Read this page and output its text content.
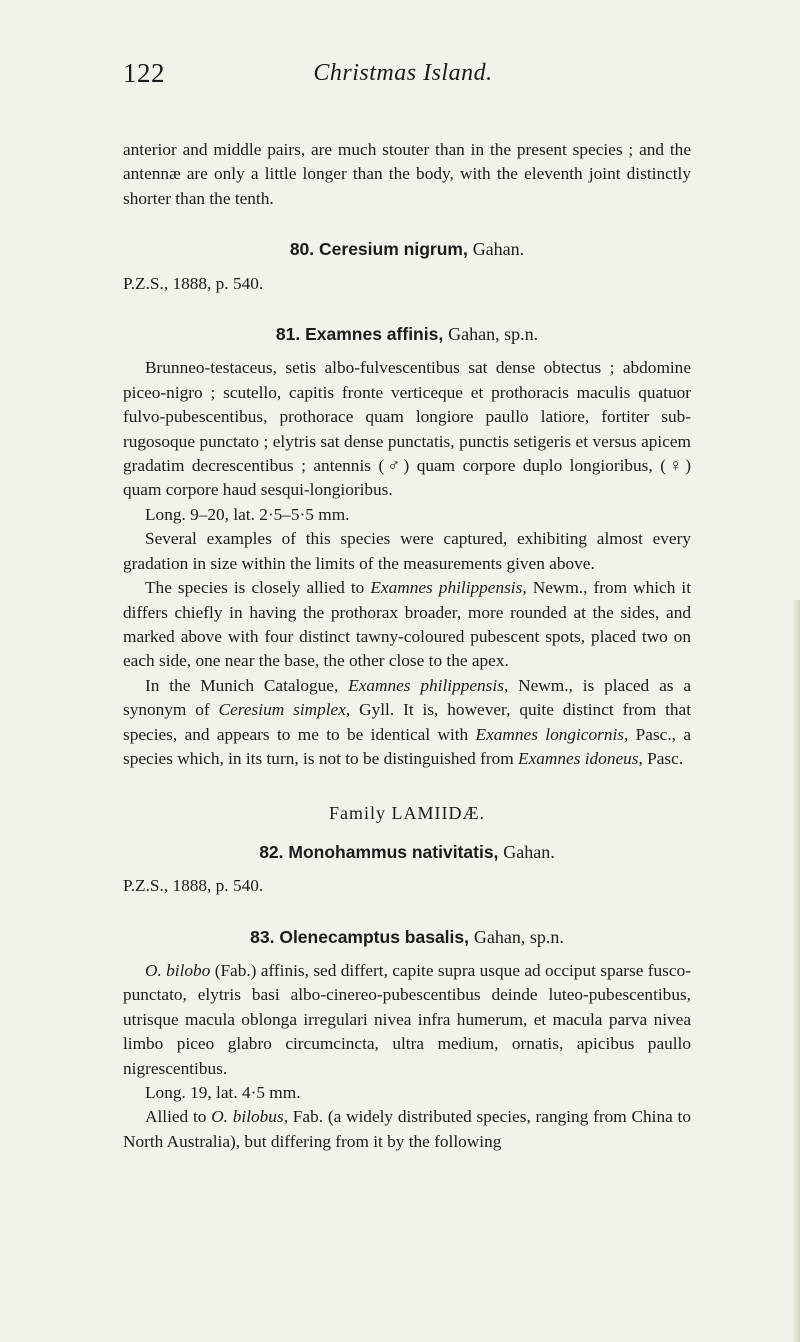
122	Christmas Island.

anterior and middle pairs, are much stouter than in the present species ; and the antennæ are only a little longer than the body, with the eleventh joint distinctly shorter than the tenth.

80. Ceresium nigrum, Gahan.

P.Z.S., 1888, p. 540.

81. Examnes affinis, Gahan, sp.n.

Brunneo-testaceus, setis albo-fulvescentibus sat dense obtectus ; abdomine piceo-nigro ; scutello, capitis fronte verticeque et prothoracis maculis quatuor fulvo-pubescentibus, prothorace quam longiore paullo latiore, fortiter sub-rugosoque punctato ; elytris sat dense punctatis, punctis setigeris et versus apicem gradatim decrescentibus ; antennis (♂) quam corpore duplo longioribus, (♀) quam corpore haud sesqui-longioribus.

Long. 9–20, lat. 2·5–5·5 mm.

Several examples of this species were captured, exhibiting almost every gradation in size within the limits of the measurements given above.

The species is closely allied to Examnes philippensis, Newm., from which it differs chiefly in having the prothorax broader, more rounded at the sides, and marked above with four distinct tawny-coloured pubescent spots, placed two on each side, one near the base, the other close to the apex.

In the Munich Catalogue, Examnes philippensis, Newm., is placed as a synonym of Ceresium simplex, Gyll. It is, however, quite distinct from that species, and appears to me to be identical with Examnes longicornis, Pasc., a species which, in its turn, is not to be distinguished from Examnes idoneus, Pasc.

Family LAMIIDÆ.

82. Monohammus nativitatis, Gahan.

P.Z.S., 1888, p. 540.

83. Olenecamptus basalis, Gahan, sp.n.

O. bilobo (Fab.) affinis, sed differt, capite supra usque ad occiput sparse fusco-punctato, elytris basi albo-cinereo-pubescentibus deinde luteo-pubescentibus, utrisque macula oblonga irregulari nivea infra humerum, et macula parva nivea limbo piceo glabro circumcincta, ultra medium, ornatis, apicibus paullo nigrescentibus.

Long. 19, lat. 4·5 mm.

Allied to O. bilobus, Fab. (a widely distributed species, ranging from China to North Australia), but differing from it by the following
